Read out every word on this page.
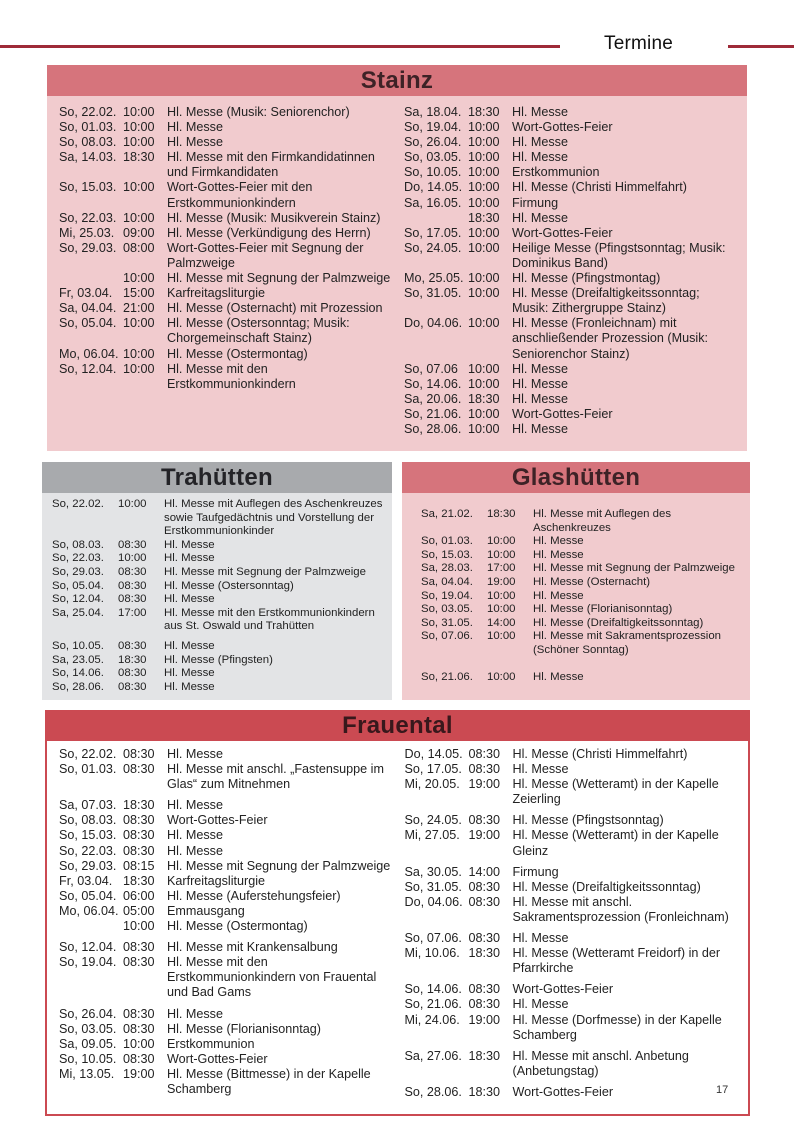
Termine
Stainz
So, 22.02. 10:00 Hl. Messe (Musik: Seniorenchor)
So, 01.03. 10:00 Hl. Messe
So, 08.03. 10:00 Hl. Messe
Sa, 14.03. 18:30 Hl. Messe mit den Firmkandidatinnen und Firmkandidaten
So, 15.03. 10:00 Wort-Gottes-Feier mit den Erstkommunionkindern
So, 22.03. 10:00 Hl. Messe (Musik: Musikverein Stainz)
Mi, 25.03. 09:00 Hl. Messe (Verkündigung des Herrn)
So, 29.03. 08:00 Wort-Gottes-Feier mit Segnung der Palmzweige
10:00 Hl. Messe mit Segnung der Palmzweige
Fr, 03.04. 15:00 Karfreitagsliturgie
Sa, 04.04. 21:00 Hl. Messe (Osternacht) mit Prozession
So, 05.04. 10:00 Hl. Messe (Ostersonntag; Musik: Chorgemeinschaft Stainz)
Mo, 06.04. 10:00 Hl. Messe (Ostermontag)
So, 12.04. 10:00 Hl. Messe mit den Erstkommunionkindern
Sa, 18.04. 18:30 Hl. Messe
So, 19.04. 10:00 Wort-Gottes-Feier
So, 26.04. 10:00 Hl. Messe
So, 03.05. 10:00 Hl. Messe
So, 10.05. 10:00 Erstkommunion
Do, 14.05. 10:00 Hl. Messe (Christi Himmelfahrt)
Sa, 16.05. 10:00 Firmung
18:30 Hl. Messe
So, 17.05. 10:00 Wort-Gottes-Feier
So, 24.05. 10:00 Heilige Messe (Pfingstsonntag; Musik: Dominikus Band)
Mo, 25.05. 10:00 Hl. Messe (Pfingstmontag)
So, 31.05. 10:00 Hl. Messe (Dreifaltigkeitssonntag; Musik: Zithergruppe Stainz)
Do, 04.06. 10:00 Hl. Messe (Fronleichnam) mit anschließender Prozession (Musik: Seniorenchor Stainz)
So, 07.06 10:00 Hl. Messe
So, 14.06. 10:00 Hl. Messe
Sa, 20.06. 18:30 Hl. Messe
So, 21.06. 10:00 Wort-Gottes-Feier
So, 28.06. 10:00 Hl. Messe
Trahütten
So, 22.02.	10:00	Hl. Messe mit Auflegen des Aschenkreuzes sowie Taufgedächtnis und Vorstellung der Erstkommunionkinder
So, 08.03.	08:30	Hl. Messe
So, 22.03.	10:00	Hl. Messe
So, 29.03.	08:30	Hl. Messe mit Segnung der Palmzweige
So, 05.04.	08:30	Hl. Messe (Ostersonntag)
So, 12.04.	08:30	Hl. Messe
Sa, 25.04.	17:00	Hl. Messe mit den Erstkommunionkindern aus St. Oswald und Trahütten
So, 10.05.	08:30	Hl. Messe
Sa, 23.05.	18:30	Hl. Messe (Pfingsten)
So, 14.06.	08:30	Hl. Messe
So, 28.06.	08:30	Hl. Messe
Glashütten
Sa, 21.02.	18:30	Hl. Messe mit Auflegen des Aschenkreuzes
So, 01.03.	10:00	Hl. Messe
So, 15.03.	10:00	Hl. Messe
Sa, 28.03.	17:00	Hl. Messe mit Segnung der Palmzweige
Sa, 04.04.	19:00	Hl. Messe (Osternacht)
So, 19.04.	10:00	Hl. Messe
So, 03.05.	10:00	Hl. Messe (Florianisonntag)
So, 31.05.	14:00	Hl. Messe (Dreifaltigkeitssonntag)
So, 07.06.	10:00	Hl. Messe mit Sakramentsprozession (Schöner Sonntag)
So, 21.06.	10:00	Hl. Messe
Frauental
So, 22.02. 08:30 Hl. Messe
So, 01.03. 08:30 Hl. Messe mit anschl. „Fastensuppe im Glas“ zum Mitnehmen
Sa, 07.03. 18:30 Hl. Messe
So, 08.03. 08:30 Wort-Gottes-Feier
So, 15.03. 08:30 Hl. Messe
So, 22.03. 08:30 Hl. Messe
So, 29.03. 08:15 Hl. Messe mit Segnung der Palmzweige
Fr, 03.04. 18:30 Karfreitagsliturgie
So, 05.04. 06:00 Hl. Messe (Auferstehungsfeier)
Mo, 06.04. 05:00 Emmausgang
10:00 Hl. Messe (Ostermontag)
So, 12.04. 08:30 Hl. Messe mit Krankensalbung
So, 19.04. 08:30 Hl. Messe mit den Erstkommunionkindern von Frauental und Bad Gams
So, 26.04. 08:30 Hl. Messe
So, 03.05. 08:30 Hl. Messe (Florianisonntag)
Sa, 09.05. 10:00 Erstkommunion
So, 10.05. 08:30 Wort-Gottes-Feier
Mi, 13.05. 19:00 Hl. Messe (Bittmesse) in der Kapelle Schamberg
Do, 14.05. 08:30 Hl. Messe (Christi Himmelfahrt)
So, 17.05. 08:30 Hl. Messe
Mi, 20.05. 19:00 Hl. Messe (Wetteramt) in der Kapelle Zeierling
So, 24.05. 08:30 Hl. Messe (Pfingstsonntag)
Mi, 27.05. 19:00 Hl. Messe (Wetteramt) in der Kapelle Gleinz
Sa, 30.05. 14:00 Firmung
So, 31.05. 08:30 Hl. Messe (Dreifaltigkeitssonntag)
Do, 04.06. 08:30 Hl. Messe mit anschl. Sakramentsprozession (Fronleichnam)
So, 07.06. 08:30 Hl. Messe
Mi, 10.06. 18:30 Hl. Messe (Wetteramt Freidorf) in der Pfarrkirche
So, 14.06. 08:30 Wort-Gottes-Feier
So, 21.06. 08:30 Hl. Messe
Mi, 24.06. 19:00 Hl. Messe (Dorfmesse) in der Kapelle Schamberg
Sa, 27.06. 18:30 Hl. Messe mit anschl. Anbetung (Anbetungstag)
So, 28.06. 18:30 Wort-Gottes-Feier	17
